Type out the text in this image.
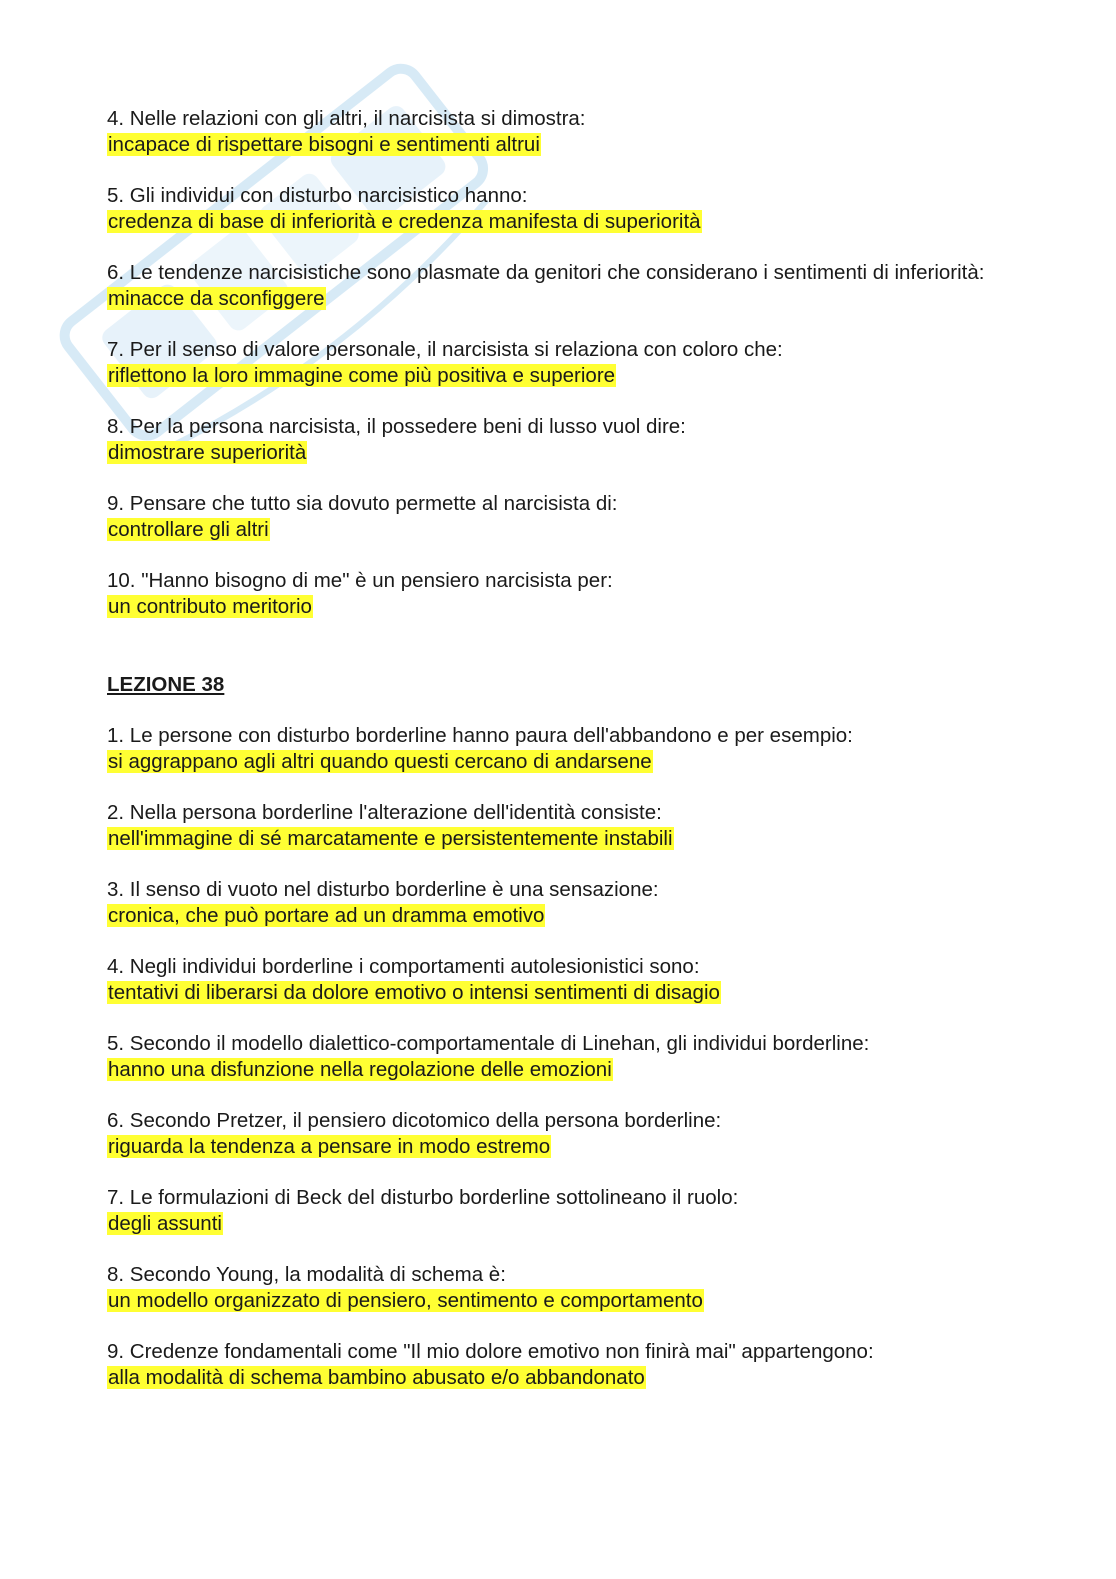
4. Nelle relazioni con gli altri, il narcisista si dimostra:
incapace di rispettare bisogni e sentimenti altrui
5. Gli individui con disturbo narcisistico hanno:
credenza di base di inferiorità e credenza manifesta di superiorità
6. Le tendenze narcisistiche sono plasmate da genitori che considerano i sentimenti di inferiorità:
minacce da sconfiggere
7. Per il senso di valore personale, il narcisista si relaziona con coloro che:
riflettono la loro immagine come più positiva e superiore
8. Per la persona narcisista, il possedere beni di lusso vuol dire:
dimostrare superiorità
9. Pensare che tutto sia dovuto permette al narcisista di:
controllare gli altri
10. "Hanno bisogno di me" è un pensiero narcisista per:
un contributo meritorio
LEZIONE 38
1. Le persone con disturbo borderline hanno paura dell'abbandono e per esempio:
si aggrappano agli altri quando questi cercano di andarsene
2. Nella persona borderline l'alterazione dell'identità consiste:
nell'immagine di sé marcatamente e persistentemente instabili
3. Il senso di vuoto nel disturbo borderline è una sensazione:
cronica, che può portare ad un dramma emotivo
4. Negli individui borderline i comportamenti autolesionistici sono:
tentativi di liberarsi da dolore emotivo o intensi sentimenti di disagio
5. Secondo il modello dialettico-comportamentale di Linehan, gli individui borderline:
hanno una disfunzione nella regolazione delle emozioni
6. Secondo Pretzer, il pensiero dicotomico della persona borderline:
riguarda la tendenza a pensare in modo estremo
7. Le formulazioni di Beck del disturbo borderline sottolineano il ruolo:
degli assunti
8. Secondo Young, la modalità di schema è:
un modello organizzato di pensiero, sentimento e comportamento
9. Credenze fondamentali come "Il mio dolore emotivo non finirà mai" appartengono:
alla modalità di schema bambino abusato e/o abbandonato
